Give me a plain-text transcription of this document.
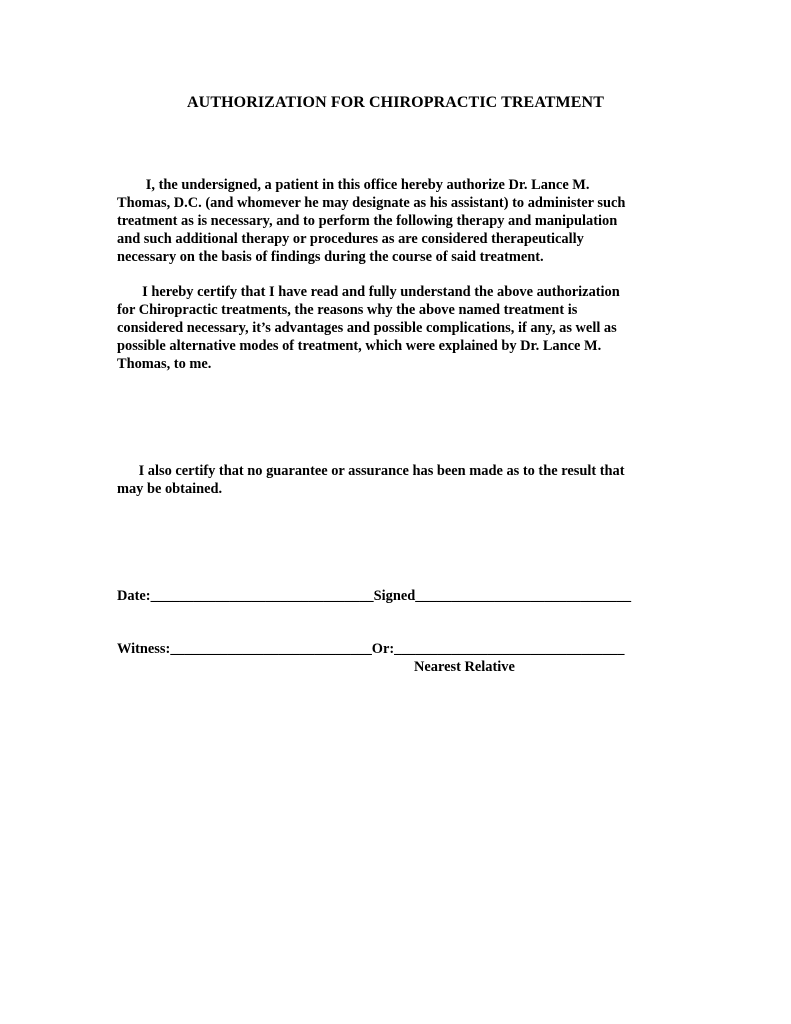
AUTHORIZATION FOR CHIROPRACTIC TREATMENT

I, the undersigned, a patient in this office hereby authorize Dr. Lance M.
Thomas, D.C. (and whomever he may designate as his assistant) to administer such
treatment as is necessary, and to perform the following therapy and manipulation
and such additional therapy or procedures as are considered therapeutically
necessary on the basis of findings during the course of said treatment.

I hereby certify that I have read and fully understand the above authorization
for Chiropractic treatments, the reasons why the above named treatment is
considered necessary, it’s advantages and possible complications, if any, as well as
possible alternative modes of treatment, which were explained by Dr. Lance M.
Thomas, to me.

I also certify that no guarantee or assurance has been made as to the result that
may be obtained.

Date:_______________________________Signed______________________________
Witness:____________________________Or:________________________________
Nearest Relative
